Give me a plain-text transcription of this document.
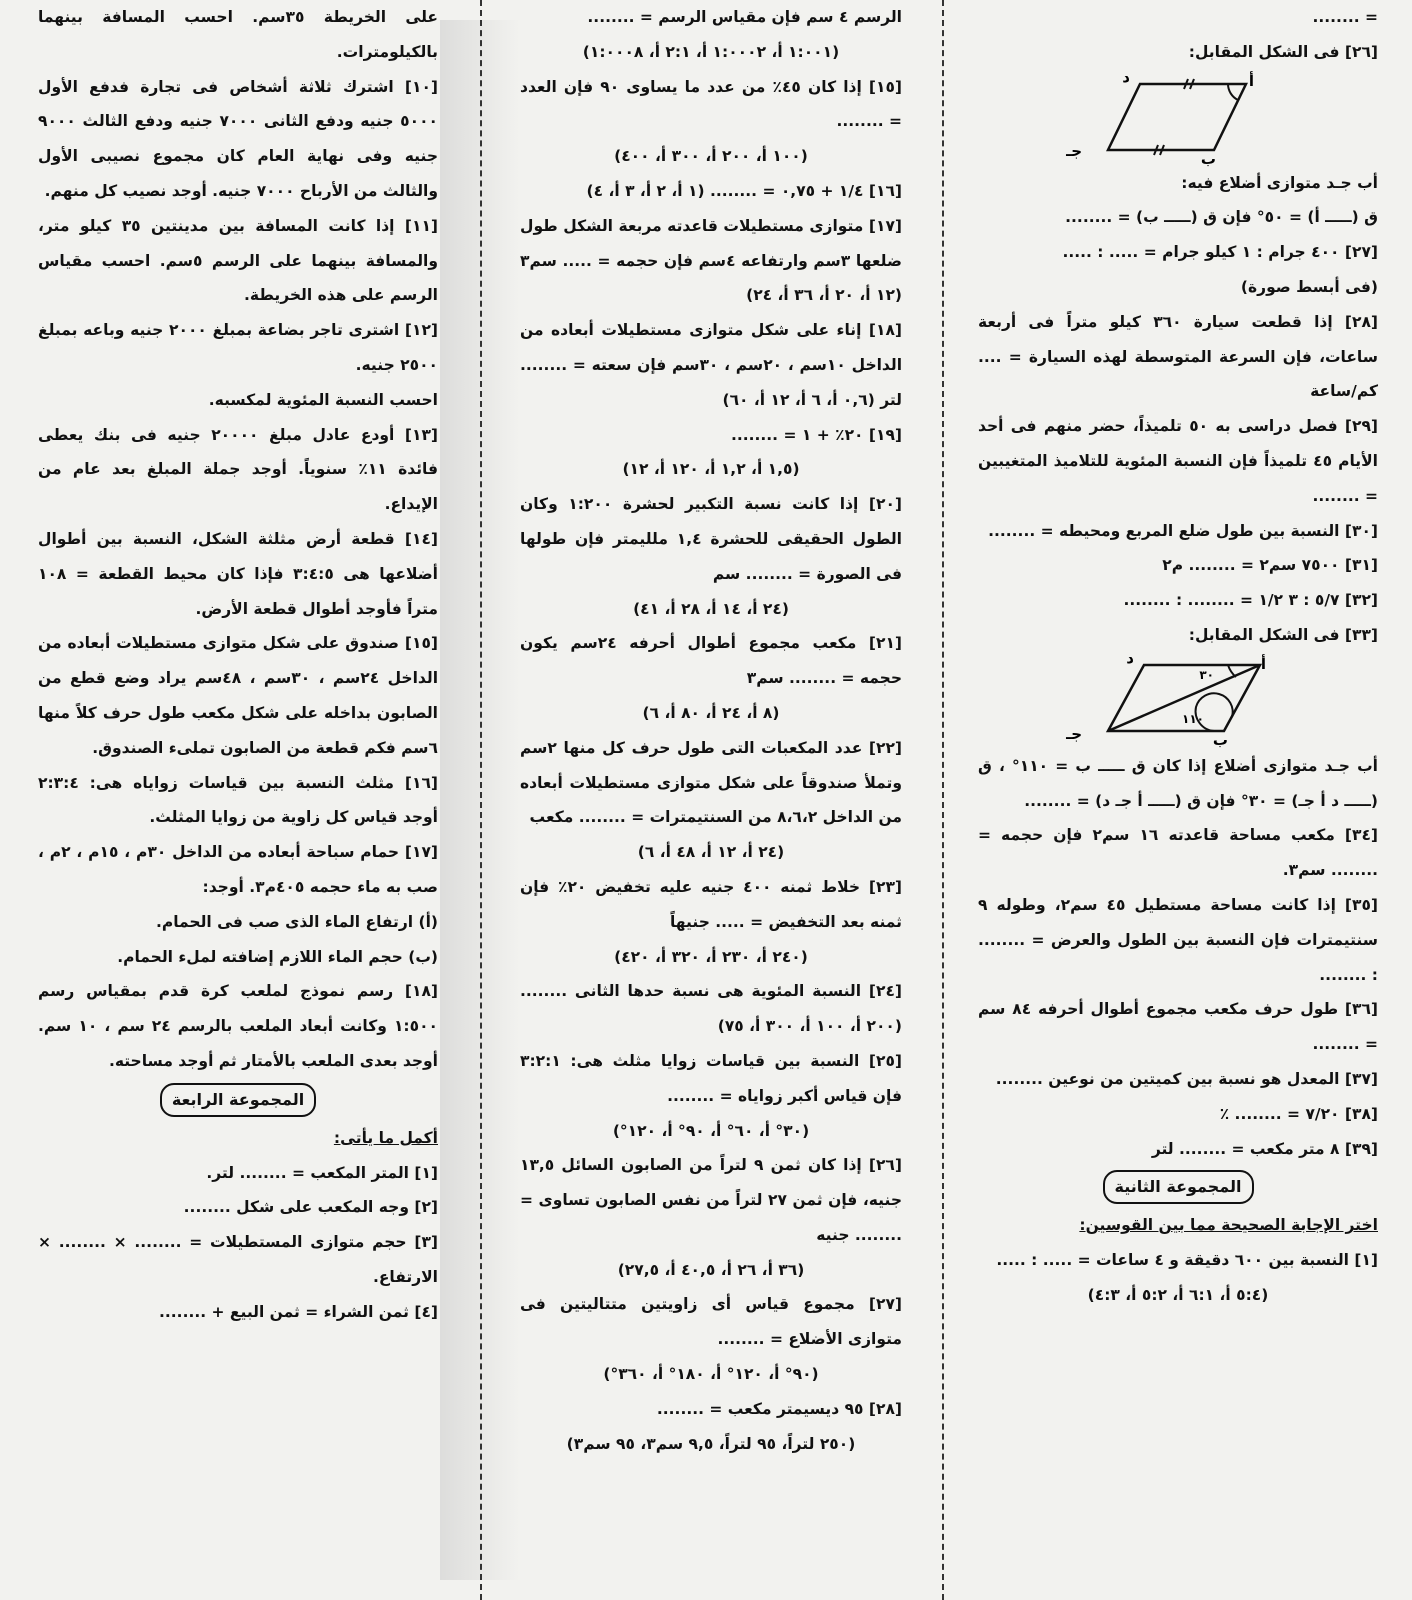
على الخريطة ٣٥سم. احسب المسافة بينهما بالكيلومترات.

[١٠] اشترك ثلاثة أشخاص فى تجارة فدفع الأول ٥٠٠٠ جنيه ودفع الثانى ٧٠٠٠ جنيه ودفع الثالث ٩٠٠٠ جنيه وفى نهاية العام كان مجموع نصيبى الأول والثالث من الأرباح ٧٠٠٠ جنيه. أوجد نصيب كل منهم.

[١١] إذا كانت المسافة بين مدينتين ٣٥ كيلو متر، والمسافة بينهما على الرسم ٥سم. احسب مقياس الرسم على هذه الخريطة.

[١٢] اشترى تاجر بضاعة بمبلغ ٢٠٠٠ جنيه وباعه بمبلغ ٢٥٠٠ جنيه.

احسب النسبة المئوية لمكسبه.

[١٣] أودع عادل مبلغ ٢٠٠٠٠ جنيه فى بنك يعطى فائدة ١١٪ سنوياً. أوجد جملة المبلغ بعد عام من الإيداع.

[١٤] قطعة أرض مثلثة الشكل، النسبة بين أطوال أضلاعها هى ٣:٤:٥ فإذا كان محيط القطعة = ١٠٨ متراً فأوجد أطوال قطعة الأرض.

[١٥] صندوق على شكل متوازى مستطيلات أبعاده من الداخل ٢٤سم ، ٣٠سم ، ٤٨سم يراد وضع قطع من الصابون بداخله على شكل مكعب طول حرف كلاً منها ٦سم فكم قطعة من الصابون تملىء الصندوق.

[١٦] مثلث النسبة بين قياسات زواياه هى: ٢:٣:٤ أوجد قياس كل زاوية من زوايا المثلث.

[١٧] حمام سباحة أبعاده من الداخل ٣٠م ، ١٥م ، ٢م ، صب به ماء حجمه ٤٠٥م٣. أوجد:

(أ) ارتفاع الماء الذى صب فى الحمام.

(ب) حجم الماء اللازم إضافته لملء الحمام.

[١٨] رسم نموذج لملعب كرة قدم بمقياس رسم ١:٥٠٠ وكانت أبعاد الملعب بالرسم ٢٤ سم ، ١٠ سم. أوجد بعدى الملعب بالأمتار ثم أوجد مساحته.

المجموعة الرابعة

أكمل ما يأتى:

[١] المتر المكعب = ........ لتر.

[٢] وجه المكعب على شكل ........

[٣] حجم متوازى المستطيلات = ........ × ........ × الارتفاع.

[٤] ثمن الشراء = ثمن البيع + ........

الرسم ٤ سم فإن مقياس الرسم = ........

(١:٠٠١ أ، ١:٠٠٠٢ أ، ٢:١ أ، ١:٠٠٠٨)

[١٥] إذا كان ٤٥٪ من عدد ما يساوى ٩٠ فإن العدد = ........

(١٠٠ أ، ٢٠٠ أ، ٣٠٠ أ، ٤٠٠)

[١٦] ١/٤ + ٠,٧٥ = ........ (١ أ، ٢ أ، ٣ أ، ٤)

[١٧] متوازى مستطيلات قاعدته مربعة الشكل طول ضلعها ٣سم وارتفاعه ٤سم فإن حجمه = ..... سم٣ (١٢ أ، ٢٠ أ، ٣٦ أ، ٢٤)

[١٨] إناء على شكل متوازى مستطيلات أبعاده من الداخل ١٠سم ، ٢٠سم ، ٣٠سم فإن سعته = ........ لتر (٠,٦ أ، ٦ أ، ١٢ أ، ٦٠)

[١٩] ٢٠٪ + ١ = ........

(١,٥ أ، ١,٢ أ، ١٢٠ أ، ١٢)

[٢٠] إذا كانت نسبة التكبير لحشرة ١:٢٠٠ وكان الطول الحقيقى للحشرة ١,٤ ملليمتر فإن طولها فى الصورة = ........ سم

(٢٤ أ، ١٤ أ، ٢٨ أ، ٤١)

[٢١] مكعب مجموع أطوال أحرفه ٢٤سم يكون حجمه = ........ سم٣

(٨ أ، ٢٤ أ، ٨٠ أ، ٦)

[٢٢] عدد المكعبات التى طول حرف كل منها ٢سم وتملأ صندوقاً على شكل متوازى مستطيلات أبعاده من الداخل ٨،٦،٢ من السنتيمترات = ........ مكعب

(٢٤ أ، ١٢ أ، ٤٨ أ، ٦)

[٢٣] خلاط ثمنه ٤٠٠ جنيه عليه تخفيض ٢٠٪ فإن ثمنه بعد التخفيض = ..... جنيهاً

(٢٤٠ أ، ٢٣٠ أ، ٣٢٠ أ، ٤٢٠)

[٢٤] النسبة المئوية هى نسبة حدها الثانى ........ (٢٠٠ أ، ١٠٠ أ، ٣٠٠ أ، ٧٥)

[٢٥] النسبة بين قياسات زوايا مثلث هى: ٣:٢:١ فإن قياس أكبر زواياه = ........

(٣٠° أ، ٦٠° أ، ٩٠° أ، ١٢٠°)

[٢٦] إذا كان ثمن ٩ لتراً من الصابون السائل ١٣,٥ جنيه، فإن ثمن ٢٧ لتراً من نفس الصابون تساوى = ........ جنيه

(٣٦ أ، ٢٦ أ، ٤٠,٥ أ، ٢٧,٥)

[٢٧] مجموع قياس أى زاويتين متتاليتين فى متوازى الأضلاع = ........

(٩٠° أ، ١٢٠° أ، ١٨٠° أ، ٣٦٠°)

[٢٨] ٩٥ ديسيمتر مكعب = ........

(٢٥٠ لتراً، ٩٥ لتراً، ٩,٥ سم٣، ٩٥ سم٣)

= ........

[٢٦] فى الشكل المقابل:

أ
د
ب
جـ

أب جـد متوازى أضلاع فيه:

ق (ـــــ أ) = ٥٠° فإن ق (ـــــ ب) = ........

[٢٧] ٤٠٠ جرام : ١ كيلو جرام = ..... : .....

(فى أبسط صورة)

[٢٨] إذا قطعت سيارة ٣٦٠ كيلو متراً فى أربعة ساعات، فإن السرعة المتوسطة لهذه السيارة = .... كم/ساعة

[٢٩] فصل دراسى به ٥٠ تلميذاً، حضر منهم فى أحد الأيام ٤٥ تلميذاً فإن النسبة المئوية للتلاميذ المتغيبين = ........

[٣٠] النسبة بين طول ضلع المربع ومحيطه = ........

[٣١] ٧٥٠٠ سم٢ = ........ م٢

[٣٢] ٥/٧ : ٣ ١/٢ = ........ : ........

[٣٣] فى الشكل المقابل:

٣٠
١١٠
أ
د
ب
جـ

أب جـد متوازى أضلاع إذا كان ق ـــــ ب = ١١٠° ، ق (ـــــ د أ جـ) = ٣٠° فإن ق (ـــــ أ جـ د) = ........

[٣٤] مكعب مساحة قاعدته ١٦ سم٢ فإن حجمه = ........ سم٣.

[٣٥] إذا كانت مساحة مستطيل ٤٥ سم٢، وطوله ٩ سنتيمترات فإن النسبة بين الطول والعرض = ........ : ........

[٣٦] طول حرف مكعب مجموع أطوال أحرفه ٨٤ سم = ........

[٣٧] المعدل هو نسبة بين كميتين من نوعين ........

[٣٨] ٧/٢٠ = ........ ٪

[٣٩] ٨ متر مكعب = ........ لتر

المجموعة الثانية

اختر الإجابة الصحيحة مما بين القوسين:

[١] النسبة بين ٦٠٠ دقيقة و ٤ ساعات = ..... : .....

(٥:٤ أ، ٦:١ أ، ٥:٢ أ، ٤:٣)
